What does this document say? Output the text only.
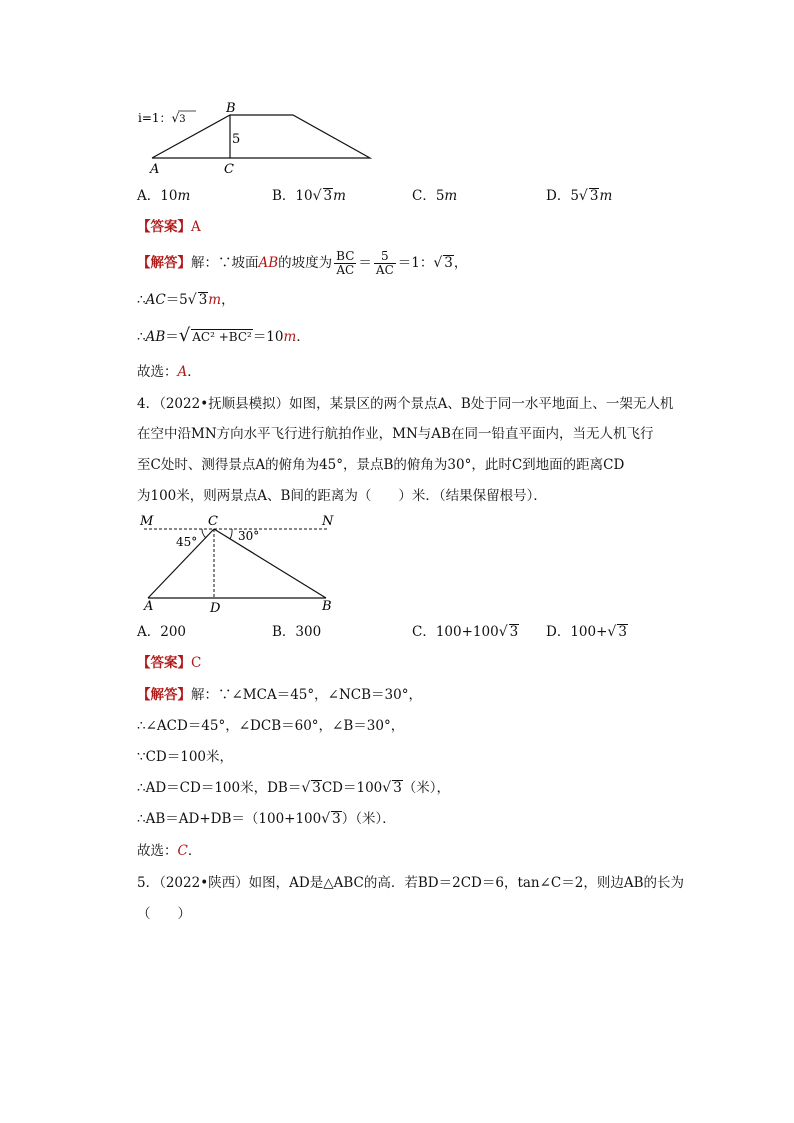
i=1：√3
B
5
A	C
A．10m	B．10√ 3m	C．5m	D．5√ 3m
【答案】A
【解答】解：∵坡面AB的坡度为 $\frac{BC}{AC} = \frac{5}{AC} =1$：√ 3，
∴AC＝5√ 3m，
∴AB＝√ AC² +BC²＝10m．
故选：A．
4．（2022•抚顺县模拟）如图，某景区的两个景点A、B处于同一水平地面上、一架无人机
在空中沿MN方向水平飞行进行航拍作业，MN与AB在同一铅直平面内，当无人机飞行
至C处时、测得景点A的俯角为45°，景点B的俯角为30°，此时C到地面的距离CD
为100米，则两景点A、B间的距离为（　　）米．（结果保留根号）．
M	C	N
45°	30°
A	D	B
A．200	B．300	C．100+100√ 3 D．100+√ 3
【答案】C
【解答】解：∵∠MCA＝45°，∠NCB＝30°，
∴∠ACD＝45°，∠DCB＝60°，∠B＝30°，
∵CD＝100米，
∴AD＝CD＝100米，DB＝√ 3CD＝100√ 3（米），
∴AB＝AD+DB＝（100+100√ 3）（米）．
故选：C．
5．（2022•陕西）如图，AD是△ABC的高．若BD＝2CD＝6，tan∠C＝2，则边AB的长为
（　　）
